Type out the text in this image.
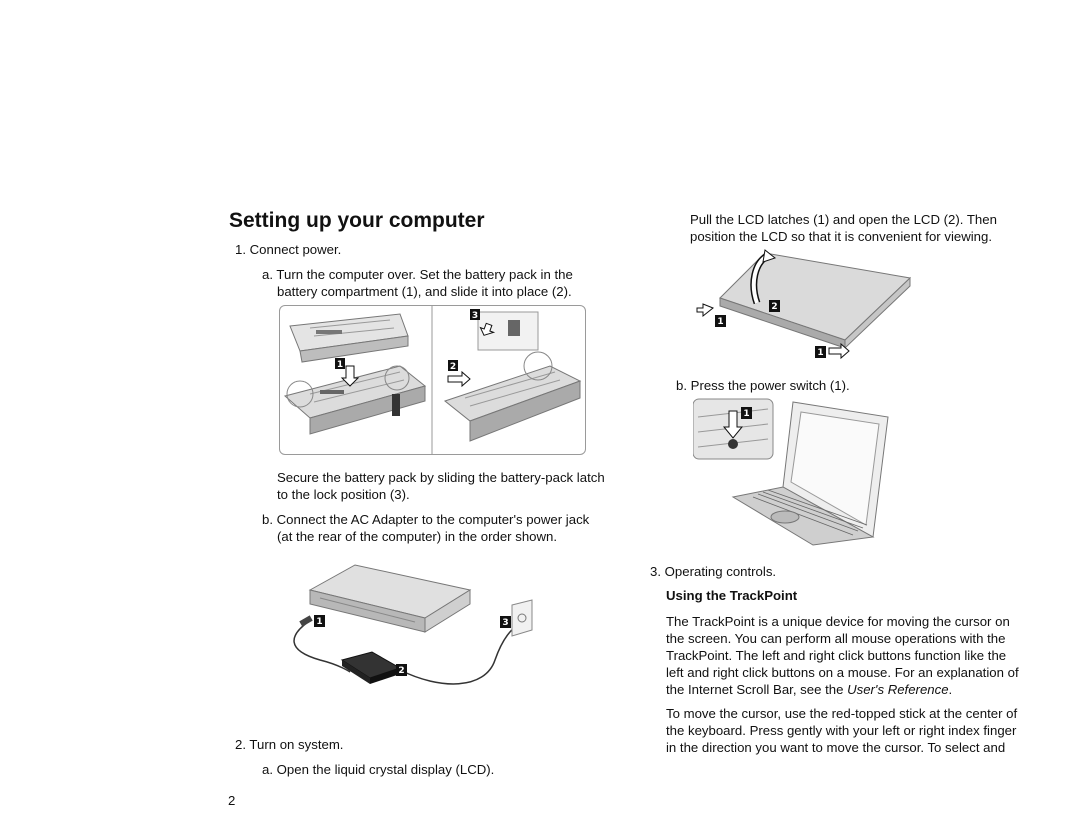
Setting up your computer
1. Connect power.
a. Turn the computer over. Set the battery pack in the
battery compartment (1), and slide it into place (2).
1
3
2
Secure the battery pack by sliding the battery-pack latch
to the lock position (3).
b. Connect the AC Adapter to the computer's power jack
(at the rear of the computer) in the order shown.
1
2
3
2. Turn on system.
a. Open the liquid crystal display (LCD).
2
Pull the LCD latches (1) and open the LCD (2). Then
position the LCD so that it is convenient for viewing.
2
1
1
b. Press the power switch (1).
1
3. Operating controls.
Using the TrackPoint
The TrackPoint is a unique device for moving the cursor on
the screen. You can perform all mouse operations with the
TrackPoint. The left and right click buttons function like the
left and right click buttons on a mouse. For an explanation of
the Internet Scroll Bar, see the User's Reference.
To move the cursor, use the red-topped stick at the center of
the keyboard. Press gently with your left or right index finger
in the direction you want to move the cursor. To select and
